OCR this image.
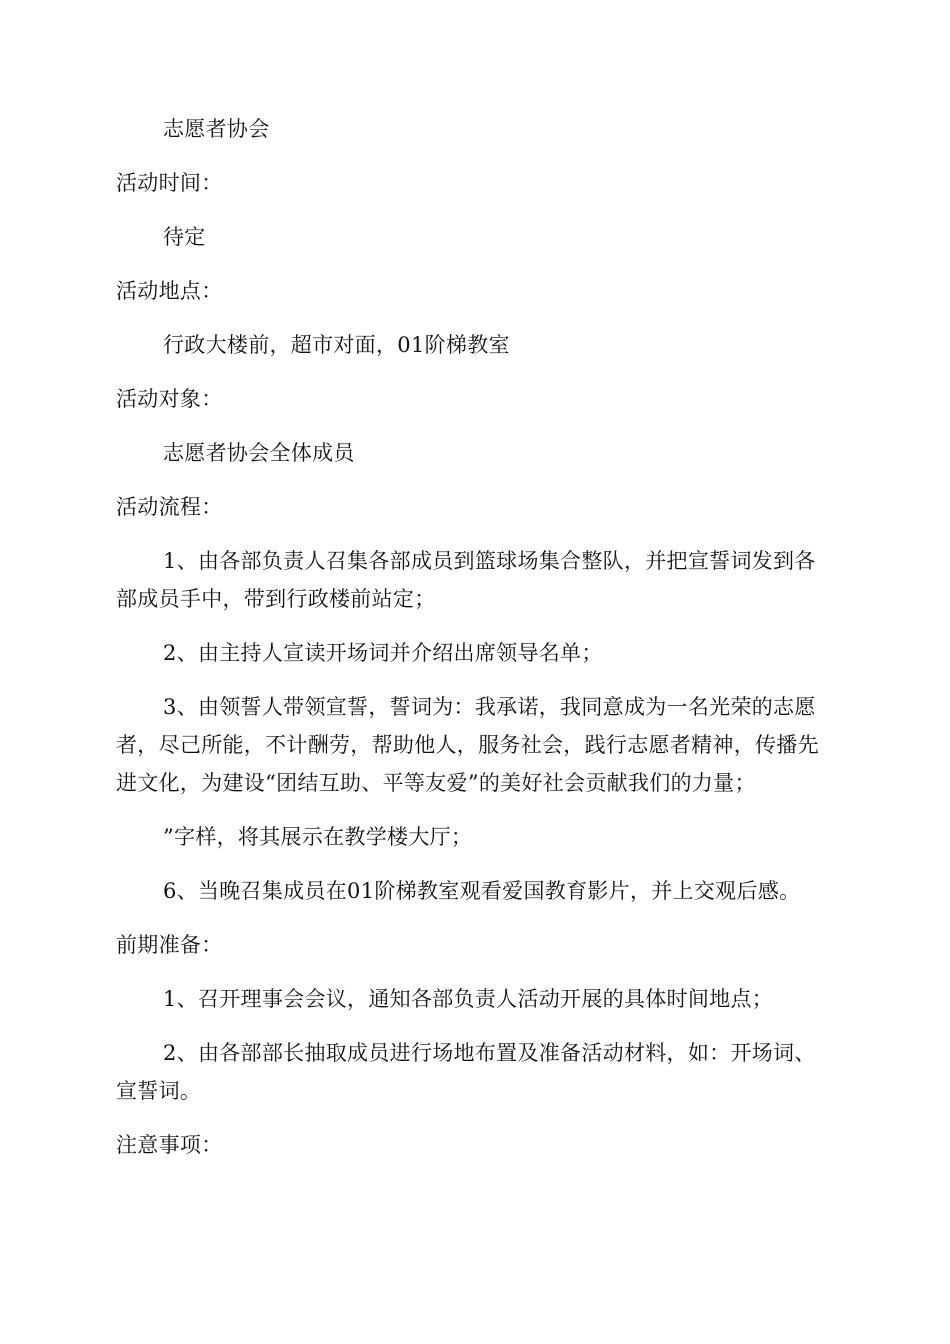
志愿者协会

活动时间：

待定

活动地点：

行政大楼前，超市对面，01阶梯教室

活动对象：

志愿者协会全体成员

活动流程：

1、由各部负责人召集各部成员到篮球场集合整队，并把宣誓词发到各部成员手中，带到行政楼前站定；

2、由主持人宣读开场词并介绍出席领导名单；

3、由领誓人带领宣誓，誓词为：我承诺，我同意成为一名光荣的志愿者，尽己所能，不计酬劳，帮助他人，服务社会，践行志愿者精神，传播先进文化，为建设“团结互助、平等友爱”的美好社会贡献我们的力量；

”字样，将其展示在教学楼大厅；

6、当晚召集成员在01阶梯教室观看爱国教育影片，并上交观后感。

前期准备：

1、召开理事会会议，通知各部负责人活动开展的具体时间地点；

2、由各部部长抽取成员进行场地布置及准备活动材料，如：开场词、宣誓词。

注意事项：
